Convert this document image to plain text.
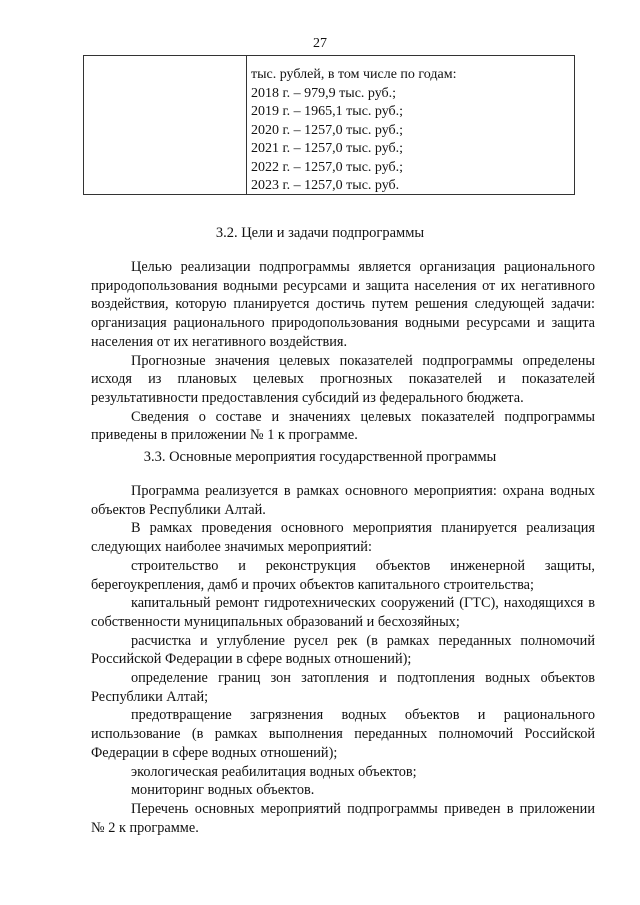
27
тыс. рублей, в том числе по годам:
2018 г. – 979,9 тыс. руб.;
2019 г. – 1965,1 тыс. руб.;
2020 г. – 1257,0 тыс. руб.;
2021 г. – 1257,0 тыс. руб.;
2022 г. – 1257,0 тыс. руб.;
2023 г. – 1257,0 тыс. руб.
3.2. Цели и задачи подпрограммы

Целью реализации подпрограммы является организация рационального природопользования водными ресурсами и защита населения от их негативного воздействия, которую планируется достичь путем решения следующей задачи: организация рационального природопользования водными ресурсами и защита населения от их негативного воздействия.

Прогнозные значения целевых показателей подпрограммы определены исходя из плановых целевых прогнозных показателей и показателей результативности предоставления субсидий из федерального бюджета.

Сведения о составе и значениях целевых показателей подпрограммы приведены в приложении № 1 к программе.

3.3. Основные мероприятия государственной программы

Программа реализуется в рамках основного мероприятия: охрана водных объектов Республики Алтай.

В рамках проведения основного мероприятия планируется реализация следующих наиболее значимых мероприятий:

строительство и реконструкция объектов инженерной защиты, берегоукрепления, дамб и прочих объектов капитального строительства;

капитальный ремонт гидротехнических сооружений (ГТС), находящихся в собственности муниципальных образований и бесхозяйных;

расчистка и углубление русел рек (в рамках переданных полномочий Российской Федерации в сфере водных отношений);

определение границ зон затопления и подтопления водных объектов Республики Алтай;

предотвращение загрязнения водных объектов и рационального использование (в рамках выполнения переданных полномочий Российской Федерации в сфере водных отношений);

экологическая реабилитация водных объектов;

мониторинг водных объектов.

Перечень основных мероприятий подпрограммы приведен в приложении № 2 к программе.
